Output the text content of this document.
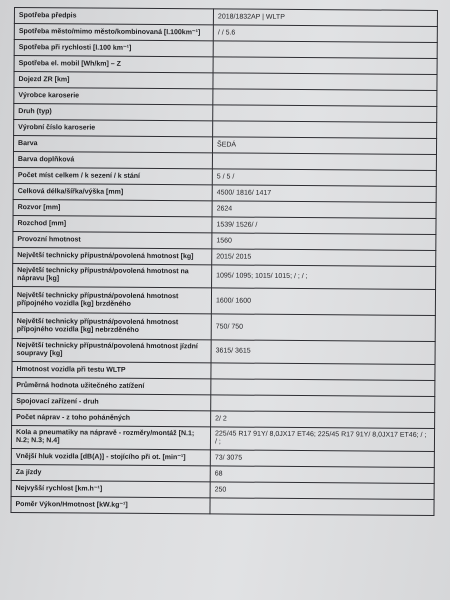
Spotřeba předpis	2018/1832AP | WLTP
Spotřeba město/mimo město/kombinovaná [l.100km⁻¹]	/ / 5.6
Spotřeba při rychlosti [l.100 km⁻¹]	
Spotřeba el. mobil [Wh/km] – Z	
Dojezd ZR [km]	
Výrobce karoserie	
Druh (typ)	
Výrobní číslo karoserie	
Barva	ŠEDÁ
Barva doplňková	
Počet míst celkem / k sezení / k stání	5 / 5 /
Celková délka/šířka/výška [mm]	4500/ 1816/ 1417
Rozvor [mm]	2624
Rozchod [mm]	1539/ 1526/ /
Provozní hmotnost	1560
Největší technicky přípustná/povolená hmotnost [kg]	2015/ 2015
Největší technicky přípustná/povolená hmotnost na nápravu [kg]	1095/ 1095; 1015/ 1015; / ; / ;
Největší technicky přípustná/povolená hmotnost přípojného vozidla [kg] brzděného	1600/ 1600
Největší technicky přípustná/povolená hmotnost přípojného vozidla [kg] nebrzděného	750/ 750
Největší technicky přípustná/povolená hmotnost jízdní soupravy [kg]	3615/ 3615
Hmotnost vozidla při testu WLTP	
Průměrná hodnota užitečného zatížení	
Spojovací zařízení - druh	
Počet náprav - z toho poháněných	2/ 2
Kola a pneumatiky na nápravě - rozměry/montáž [N.1; N.2; N.3; N.4]	225/45 R17 91Y/ 8,0JX17 ET46; 225/45 R17 91Y/ 8,0JX17 ET46; / ; / ;
Vnější hluk vozidla [dB(A)] - stojícího při ot. [min⁻¹]	73/ 3075
Za jízdy	68
Nejvyšší rychlost [km.h⁻¹]	250
Poměr Výkon/Hmotnost [kW.kg⁻¹]	
